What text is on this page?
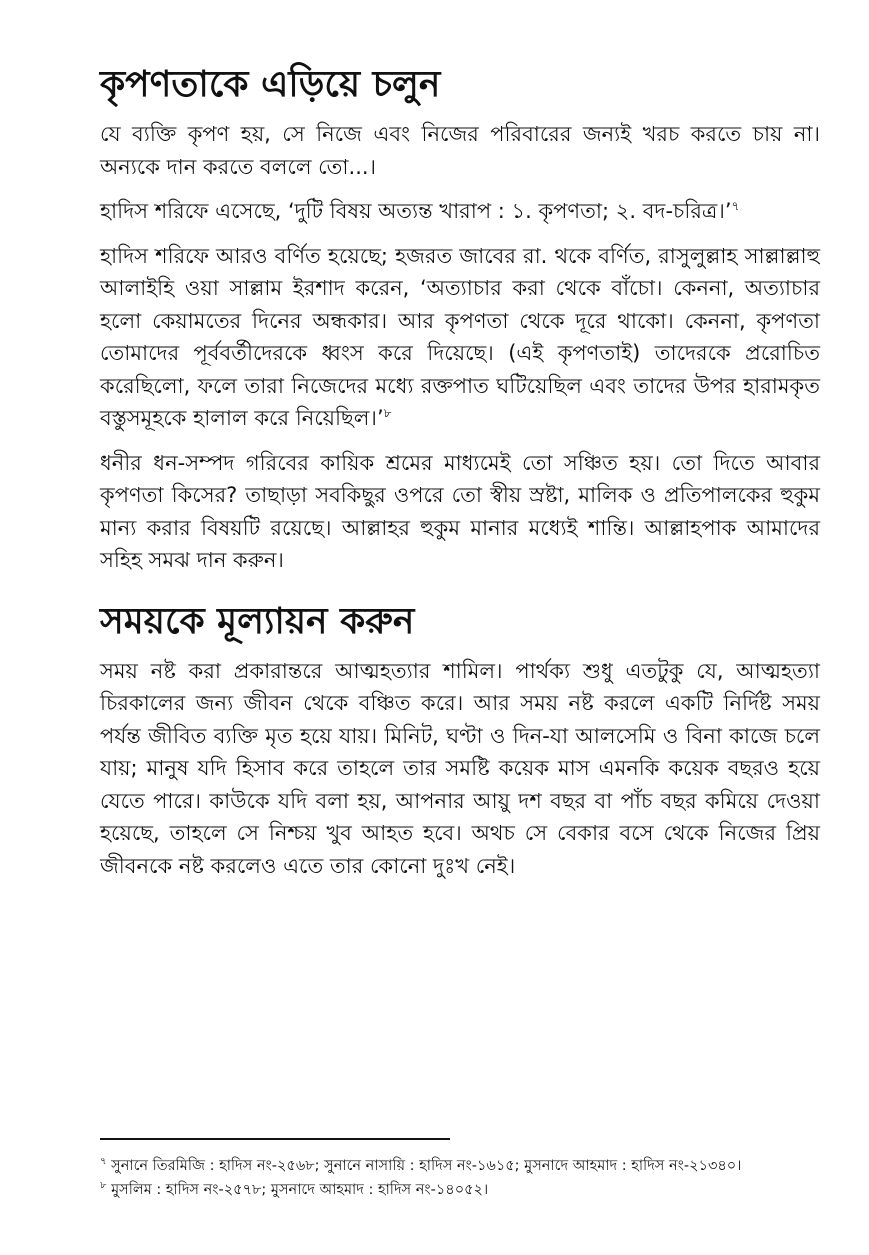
কৃপণতাকে এড়িয়ে চলুন

যে ব্যক্তি কৃপণ হয়, সে নিজে এবং নিজের পরিবারের জন্যই খরচ করতে চায় না। অন্যকে দান করতে বললে তো...।

হাদিস শরিফে এসেছে, ‘দুটি বিষয় অত্যন্ত খারাপ : ১. কৃপণতা; ২. বদ-চরিত্র।’$^৭$

হাদিস শরিফে আরও বর্ণিত হয়েছে; হজরত জাবের রা. থকে বর্ণিত, রাসুলুল্লাহ সাল্লাল্লাহু আলাইহি ওয়া সাল্লাম ইরশাদ করেন, ‘অত্যাচার করা থেকে বাঁচো। কেননা, অত্যাচার হলো কেয়ামতের দিনের অন্ধকার। আর কৃপণতা থেকে দূরে থাকো। কেননা, কৃপণতা তোমাদের পূর্ববর্তীদেরকে ধ্বংস করে দিয়েছে। (এই কৃপণতাই) তাদেরকে প্ররোচিত করেছিলো, ফলে তারা নিজেদের মধ্যে রক্তপাত ঘটিয়েছিল এবং তাদের উপর হারামকৃত বস্তুসমূহকে হালাল করে নিয়েছিল।’$^৮$

ধনীর ধন-সম্পদ গরিবের কায়িক শ্রমের মাধ্যমেই তো সঞ্চিত হয়। তো দিতে আবার কৃপণতা কিসের? তাছাড়া সবকিছুর ওপরে তো স্বীয় স্রষ্টা, মালিক ও প্রতিপালকের হুকুম মান্য করার বিষয়টি রয়েছে। আল্লাহর হুকুম মানার মধ্যেই শান্তি। আল্লাহপাক আমাদের সহিহ সমঝ দান করুন।

সময়কে মূল্যায়ন করুন

সময় নষ্ট করা প্রকারান্তরে আত্মহত্যার শামিল। পার্থক্য শুধু এতটুকু যে, আত্মহত্যা চিরকালের জন্য জীবন থেকে বঞ্চিত করে। আর সময় নষ্ট করলে একটি নির্দিষ্ট সময় পর্যন্ত জীবিত ব্যক্তি মৃত হয়ে যায়। মিনিট, ঘণ্টা ও দিন-যা আলসেমি ও বিনা কাজে চলে যায়; মানুষ যদি হিসাব করে তাহলে তার সমষ্টি কয়েক মাস এমনকি কয়েক বছরও হয়ে যেতে পারে। কাউকে যদি বলা হয়, আপনার আয়ু দশ বছর বা পাঁচ বছর কমিয়ে দেওয়া হয়েছে, তাহলে সে নিশ্চয় খুব আহত হবে। অথচ সে বেকার বসে থেকে নিজের প্রিয় জীবনকে নষ্ট করলেও এতে তার কোনো দুঃখ নেই।

$^৭$ সুনানে তিরমিজি : হাদিস নং-২৫৬৮; সুনানে নাসায়ি : হাদিস নং-১৬১৫; মুসনাদে আহমাদ : হাদিস নং-২১৩৪০।

$^৮$ মুসলিম : হাদিস নং-২৫৭৮; মুসনাদে আহমাদ : হাদিস নং-১৪০৫২।
